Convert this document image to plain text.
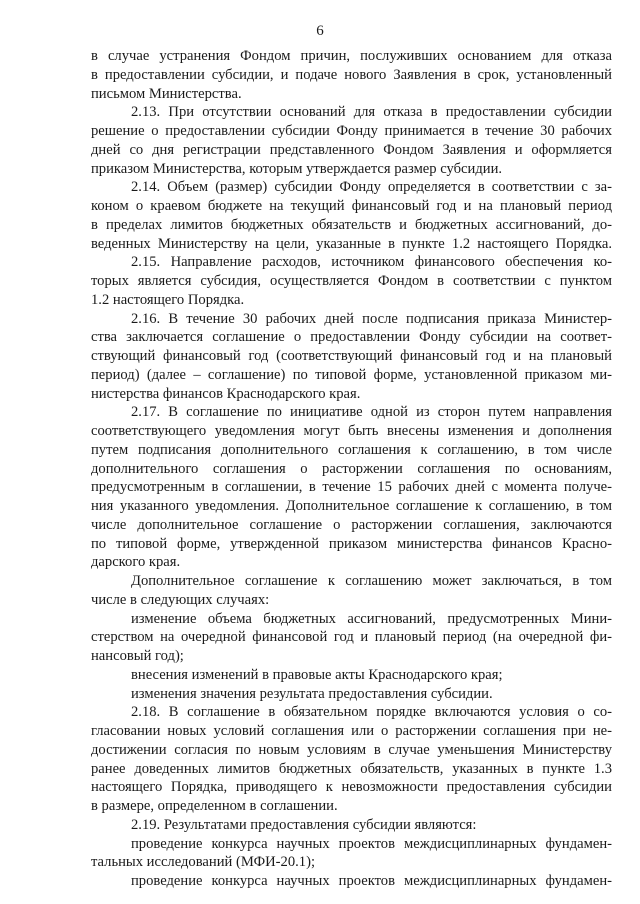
6
в случае устранения Фондом причин, послуживших основанием для отказа
в предоставлении субсидии, и подаче нового Заявления в срок, установленный
письмом Министерства.
2.13. При отсутствии оснований для отказа в предоставлении субсидии
решение о предоставлении субсидии Фонду принимается в течение 30 рабочих
дней со дня регистрации представленного Фондом Заявления и оформляется
приказом Министерства, которым утверждается размер субсидии.
2.14. Объем (размер) субсидии Фонду определяется в соответствии с за-
коном о краевом бюджете на текущий финансовый год и на плановый период
в пределах лимитов бюджетных обязательств и бюджетных ассигнований, до-
веденных Министерству на цели, указанные в пункте 1.2 настоящего Порядка.
2.15. Направление расходов, источником финансового обеспечения ко-
торых является субсидия, осуществляется Фондом в соответствии с пунктом
1.2 настоящего Порядка.
2.16. В течение 30 рабочих дней после подписания приказа Министер-
ства заключается соглашение о предоставлении Фонду субсидии на соответ-
ствующий финансовый год (соответствующий финансовый год и на плановый
период) (далее – соглашение) по типовой форме, установленной приказом ми-
нистерства финансов Краснодарского края.
2.17. В соглашение по инициативе одной из сторон путем направления
соответствующего уведомления могут быть внесены изменения и дополнения
путем подписания дополнительного соглашения к соглашению, в том числе
дополнительного соглашения о расторжении соглашения по основаниям,
предусмотренным в соглашении, в течение 15 рабочих дней с момента получе-
ния указанного уведомления. Дополнительное соглашение к соглашению, в том
числе дополнительное соглашение о расторжении соглашения, заключаются
по типовой форме, утвержденной приказом министерства финансов Красно-
дарского края.
Дополнительное соглашение к соглашению может заключаться, в том
числе в следующих случаях:
изменение объема бюджетных ассигнований, предусмотренных Мини-
стерством на очередной финансовой год и плановый период (на очередной фи-
нансовый год);
внесения изменений в правовые акты Краснодарского края;
изменения значения результата предоставления субсидии.
2.18. В соглашение в обязательном порядке включаются условия о со-
гласовании новых условий соглашения или о расторжении соглашения при не-
достижении согласия по новым условиям в случае уменьшения Министерству
ранее доведенных лимитов бюджетных обязательств, указанных в пункте 1.3
настоящего Порядка, приводящего к невозможности предоставления субсидии
в размере, определенном в соглашении.
2.19. Результатами предоставления субсидии являются:
проведение конкурса научных проектов междисциплинарных фундамен-
тальных исследований (МФИ-20.1);
проведение конкурса научных проектов междисциплинарных фундамен-
